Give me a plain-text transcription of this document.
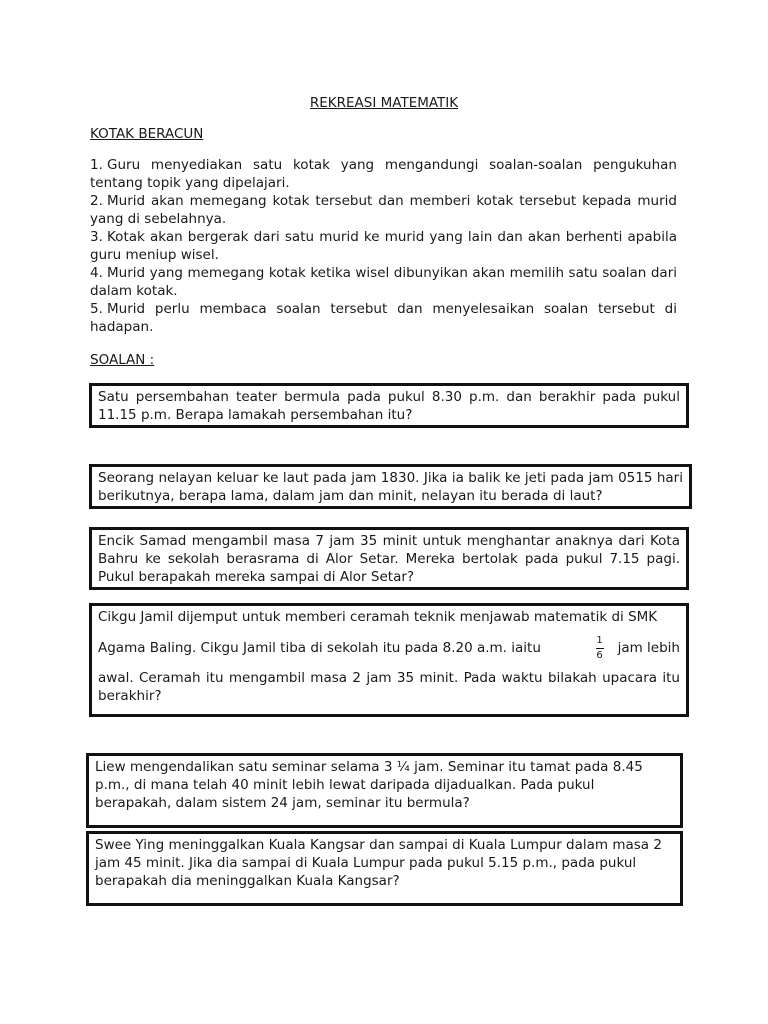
REKREASI MATEMATIK
KOTAK BERACUN
1. Guru menyediakan satu kotak yang mengandungi soalan-soalan pengukuhan tentang topik yang dipelajari.
2. Murid akan memegang kotak tersebut dan memberi kotak tersebut kepada murid yang di sebelahnya.
3. Kotak akan bergerak dari satu murid ke murid yang lain dan akan berhenti apabila guru meniup wisel.
4. Murid yang memegang kotak ketika wisel dibunyikan akan memilih satu soalan dari dalam kotak.
5. Murid perlu membaca soalan tersebut dan menyelesaikan soalan tersebut di hadapan.
SOALAN :
Satu persembahan teater bermula pada pukul 8.30 p.m. dan berakhir pada pukul 11.15 p.m. Berapa lamakah persembahan itu?
Seorang nelayan keluar ke laut pada jam 1830. Jika ia balik ke jeti pada jam 0515 hari berikutnya, berapa lama, dalam jam dan minit, nelayan itu berada di laut?
Encik Samad mengambil masa 7 jam 35 minit untuk menghantar anaknya dari Kota Bahru ke sekolah berasrama di Alor Setar. Mereka bertolak pada pukul 7.15 pagi. Pukul berapakah mereka sampai di Alor Setar?
Cikgu Jamil dijemput untuk memberi ceramah teknik menjawab matematik di SMK
Agama Baling. Cikgu Jamil tiba di sekolah itu pada 8.20 a.m. iaitu	$\frac{1}{6}$ jam lebih
awal. Ceramah itu mengambil masa 2 jam 35 minit. Pada waktu bilakah upacara itu berakhir?
Liew mengendalikan satu seminar selama 3 ¼ jam. Seminar itu tamat pada 8.45 p.m., di mana telah 40 minit lebih lewat daripada dijadualkan. Pada pukul berapakah, dalam sistem 24 jam, seminar itu bermula?
Swee Ying meninggalkan Kuala Kangsar dan sampai di Kuala Lumpur dalam masa 2 jam 45 minit. Jika dia sampai di Kuala Lumpur pada pukul 5.15 p.m., pada pukul berapakah dia meninggalkan Kuala Kangsar?
